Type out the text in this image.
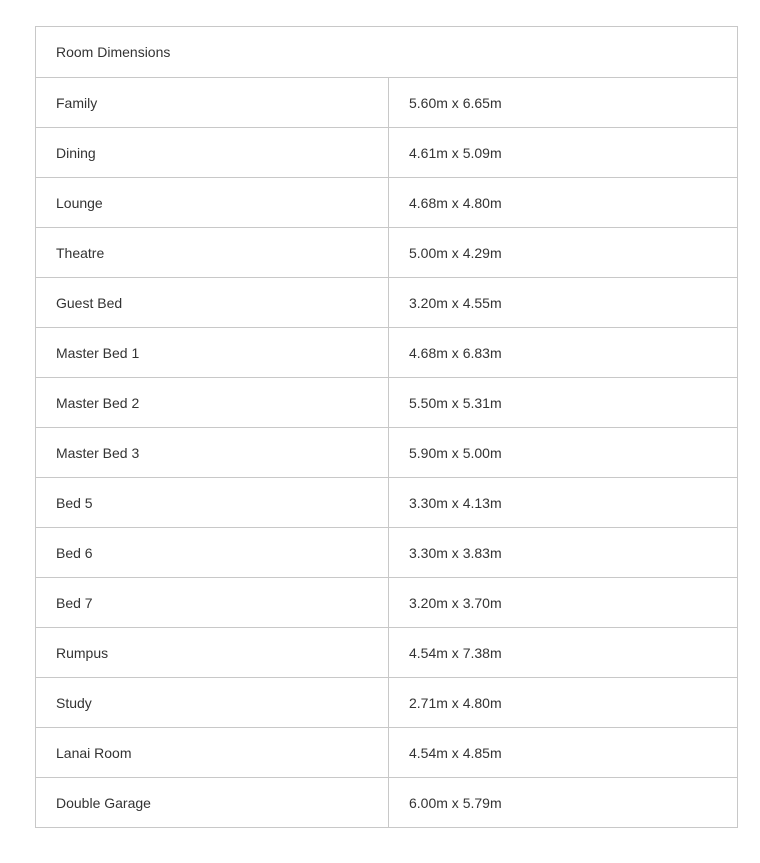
Room Dimensions	
Family	5.60m x 6.65m
Dining	4.61m x 5.09m
Lounge	4.68m x 4.80m
Theatre	5.00m x 4.29m
Guest Bed	3.20m x 4.55m
Master Bed 1	4.68m x 6.83m
Master Bed 2	5.50m x 5.31m
Master Bed 3	5.90m x 5.00m
Bed 5	3.30m x 4.13m
Bed 6	3.30m x 3.83m
Bed 7	3.20m x 3.70m
Rumpus	4.54m x 7.38m
Study	2.71m x 4.80m
Lanai Room	4.54m x 4.85m
Double Garage	6.00m x 5.79m
